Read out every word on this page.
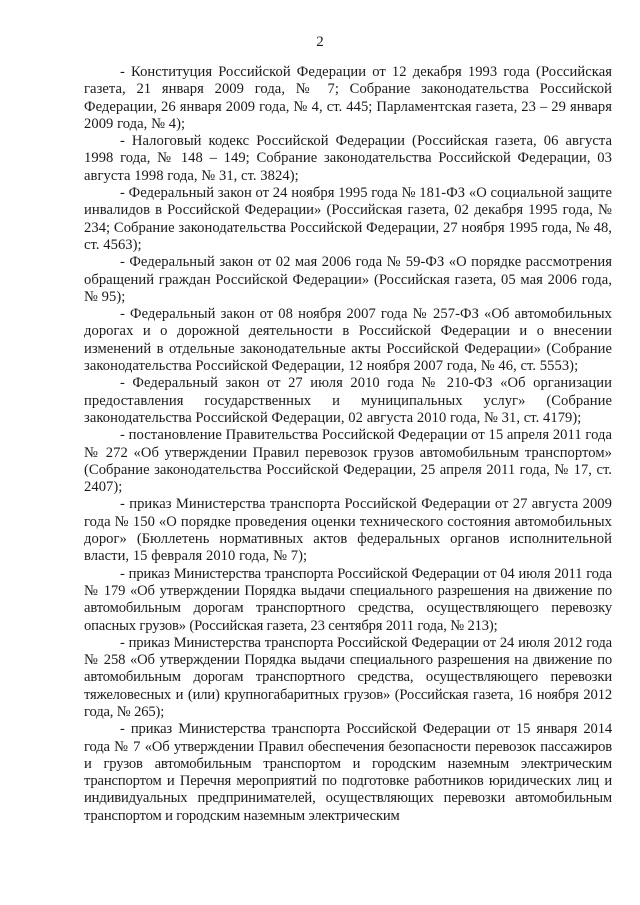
2

- Конституция Российской Федерации от 12 декабря 1993 года (Российская газета, 21 января 2009 года, № 7; Собрание законодательства Российской Федерации, 26 января 2009 года, № 4, ст. 445; Парламентская газета, 23 – 29 января 2009 года, № 4);

- Налоговый кодекс Российской Федерации (Российская газета, 06 августа 1998 года, № 148 – 149; Собрание законодательства Российской Федерации, 03 августа 1998 года, № 31, ст. 3824);

- Федеральный закон от 24 ноября 1995 года № 181-ФЗ «О социальной защите инвалидов в Российской Федерации» (Российская газета, 02 декабря 1995 года, № 234; Собрание законодательства Российской Федерации, 27 ноября 1995 года, № 48, ст. 4563);

- Федеральный закон от 02 мая 2006 года № 59-ФЗ «О порядке рассмотрения обращений граждан Российской Федерации» (Российская газета, 05 мая 2006 года, № 95);

- Федеральный закон от 08 ноября 2007 года № 257-ФЗ «Об автомобильных дорогах и о дорожной деятельности в Российской Федерации и о внесении изменений в отдельные законодательные акты Российской Федерации» (Собрание законодательства Российской Федерации, 12 ноября 2007 года, № 46, ст. 5553);

- Федеральный закон от 27 июля 2010 года № 210-ФЗ «Об организации предоставления государственных и муниципальных услуг» (Собрание законодательства Российской Федерации, 02 августа 2010 года, № 31, ст. 4179);

- постановление Правительства Российской Федерации от 15 апреля 2011 года № 272 «Об утверждении Правил перевозок грузов автомобильным транспортом» (Собрание законодательства Российской Федерации, 25 апреля 2011 года, № 17, ст. 2407);

- приказ Министерства транспорта Российской Федерации от 27 августа 2009 года № 150 «О порядке проведения оценки технического состояния автомобильных дорог» (Бюллетень нормативных актов федеральных органов исполнительной власти, 15 февраля 2010 года, № 7);

- приказ Министерства транспорта Российской Федерации от 04 июля 2011 года № 179 «Об утверждении Порядка выдачи специального разрешения на движение по автомобильным дорогам транспортного средства, осуществляющего перевозку опасных грузов» (Российская газета, 23 сентября 2011 года, № 213);

- приказ Министерства транспорта Российской Федерации от 24 июля 2012 года № 258 «Об утверждении Порядка выдачи специального разрешения на движение по автомобильным дорогам транспортного средства, осуществляющего перевозки тяжеловесных и (или) крупногабаритных грузов» (Российская газета, 16 ноября 2012 года, № 265);

- приказ Министерства транспорта Российской Федерации от 15 января 2014 года № 7 «Об утверждении Правил обеспечения безопасности перевозок пассажиров и грузов автомобильным транспортом и городским наземным электрическим транспортом и Перечня мероприятий по подготовке работников юридических лиц и индивидуальных предпринимателей, осуществляющих перевозки автомобильным транспортом и городским наземным электрическим
